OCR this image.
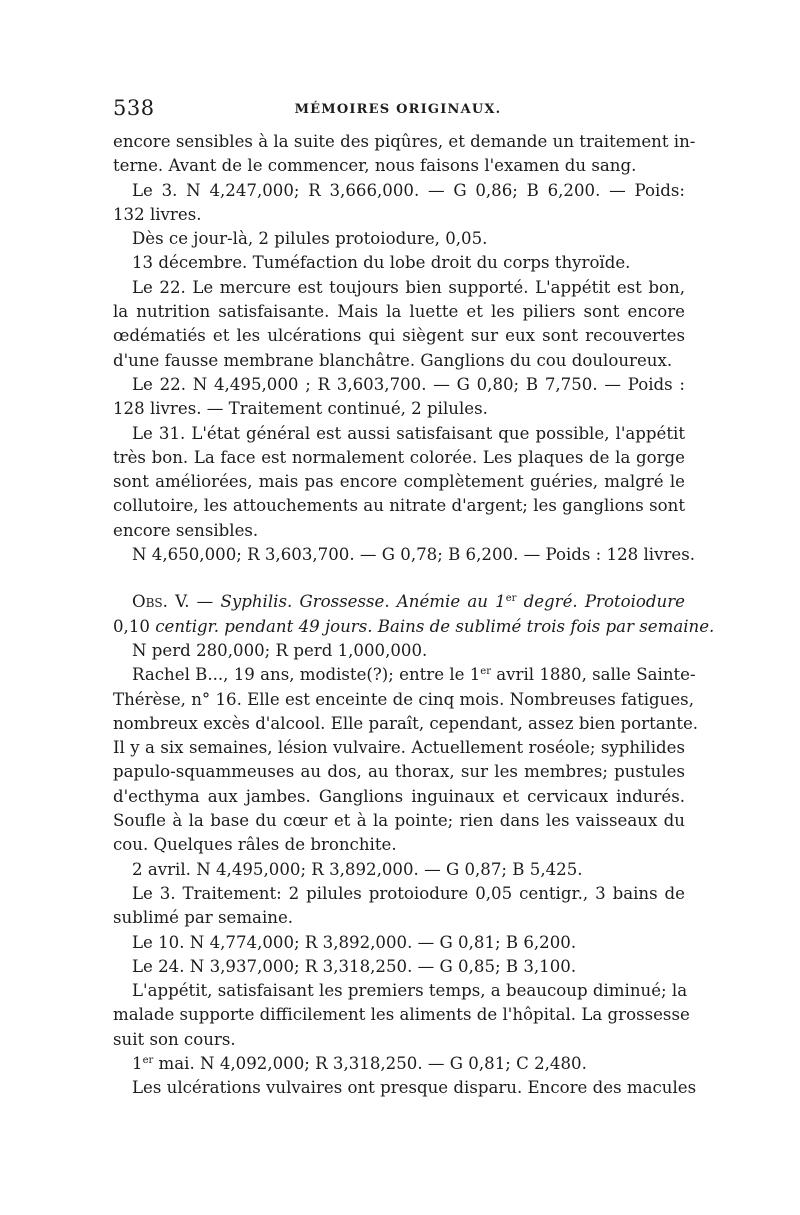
538	MÉMOIRES ORIGINAUX.
encore sensibles à la suite des piqûres, et demande un traitement in-
terne. Avant de le commencer, nous faisons l'examen du sang.
Le 3. N 4,247,000; R 3,666,000. — G 0,86; B 6,200. — Poids:
132 livres.
Dès ce jour-là, 2 pilules protoiodure, 0,05.
13 décembre. Tuméfaction du lobe droit du corps thyroïde.
Le 22. Le mercure est toujours bien supporté. L'appétit est bon,
la nutrition satisfaisante. Mais la luette et les piliers sont encore
œdématiés et les ulcérations qui siègent sur eux sont recouvertes
d'une fausse membrane blanchâtre. Ganglions du cou douloureux.
Le 22. N 4,495,000 ; R 3,603,700. — G 0,80; B 7,750. — Poids :
128 livres. — Traitement continué, 2 pilules.
Le 31. L'état général est aussi satisfaisant que possible, l'appétit
très bon. La face est normalement colorée. Les plaques de la gorge
sont améliorées, mais pas encore complètement guéries, malgré le
collutoire, les attouchements au nitrate d'argent; les ganglions sont
encore sensibles.
N 4,650,000; R 3,603,700. — G 0,78; B 6,200. — Poids : 128 livres.
Obs. V. — Syphilis. Grossesse. Anémie au 1er degré. Protoiodure
0,10 centigr. pendant 49 jours. Bains de sublimé trois fois par semaine.
N perd 280,000; R perd 1,000,000.
Rachel B..., 19 ans, modiste(?); entre le 1er avril 1880, salle Sainte-
Thérèse, n° 16. Elle est enceinte de cinq mois. Nombreuses fatigues,
nombreux excès d'alcool. Elle paraît, cependant, assez bien portante.
Il y a six semaines, lésion vulvaire. Actuellement roséole; syphilides
papulo-squammeuses au dos, au thorax, sur les membres; pustules
d'ecthyma aux jambes. Ganglions inguinaux et cervicaux indurés.
Soufle à la base du cœur et à la pointe; rien dans les vaisseaux du
cou. Quelques râles de bronchite.
2 avril. N 4,495,000; R 3,892,000. — G 0,87; B 5,425.
Le 3. Traitement: 2 pilules protoiodure 0,05 centigr., 3 bains de
sublimé par semaine.
Le 10. N 4,774,000; R 3,892,000. — G 0,81; B 6,200.
Le 24. N 3,937,000; R 3,318,250. — G 0,85; B 3,100.
L'appétit, satisfaisant les premiers temps, a beaucoup diminué; la
malade supporte difficilement les aliments de l'hôpital. La grossesse
suit son cours.
1er mai. N 4,092,000; R 3,318,250. — G 0,81; C 2,480.
Les ulcérations vulvaires ont presque disparu. Encore des macules
